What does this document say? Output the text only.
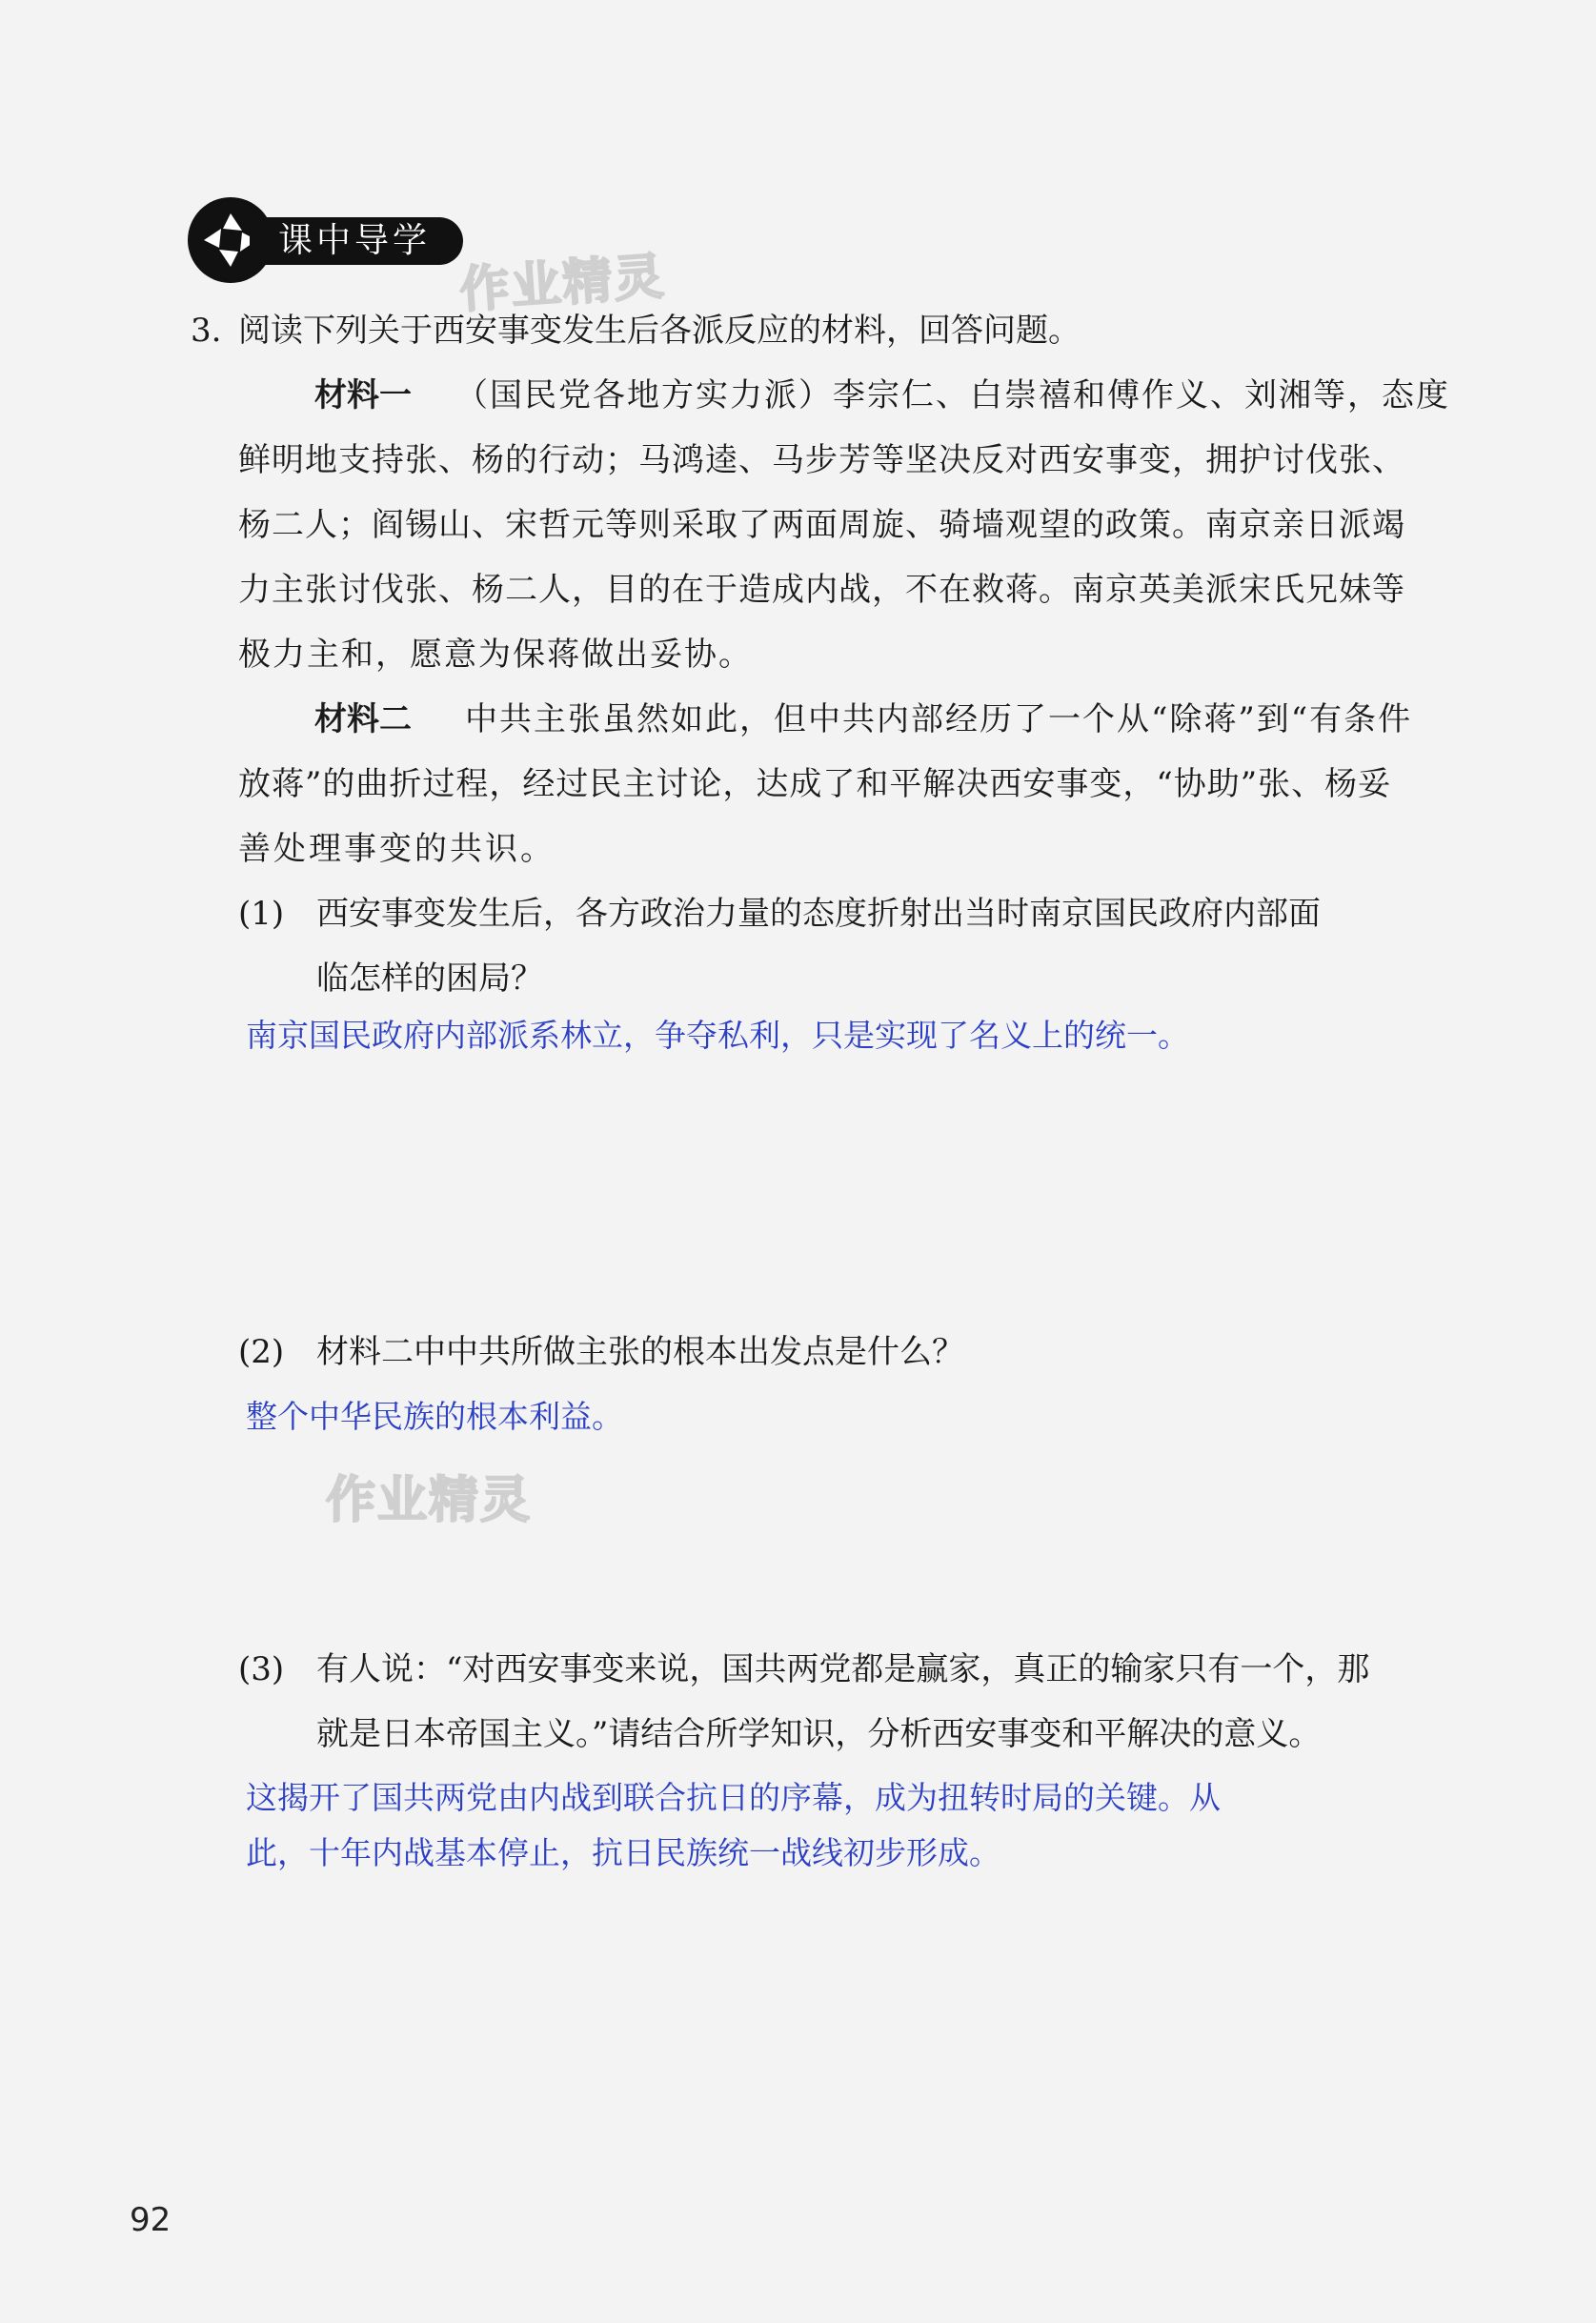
课中导学
作业精灵
作业精灵
3. 阅读下列关于西安事变发生后各派反应的材料，回答问题。
材料一 （国民党各地方实力派）李宗仁、白崇禧和傅作义、刘湘等，态度
鲜明地支持张、杨的行动；马鸿逵、马步芳等坚决反对西安事变，拥护讨伐张、
杨二人；阎锡山、宋哲元等则采取了两面周旋、骑墙观望的政策。南京亲日派竭
力主张讨伐张、杨二人，目的在于造成内战，不在救蒋。南京英美派宋氏兄妹等
极力主和，愿意为保蒋做出妥协。
材料二 中共主张虽然如此，但中共内部经历了一个从“除蒋”到“有条件
放蒋”的曲折过程，经过民主讨论，达成了和平解决西安事变，“协助”张、杨妥
善处理事变的共识。
(1) 西安事变发生后，各方政治力量的态度折射出当时南京国民政府内部面
临怎样的困局？
南京国民政府内部派系林立，争夺私利，只是实现了名义上的统一。
(2) 材料二中中共所做主张的根本出发点是什么？
整个中华民族的根本利益。
(3) 有人说：“对西安事变来说，国共两党都是赢家，真正的输家只有一个，那
就是日本帝国主义。”请结合所学知识，分析西安事变和平解决的意义。
这揭开了国共两党由内战到联合抗日的序幕，成为扭转时局的关键。从
此，十年内战基本停止，抗日民族统一战线初步形成。
92
